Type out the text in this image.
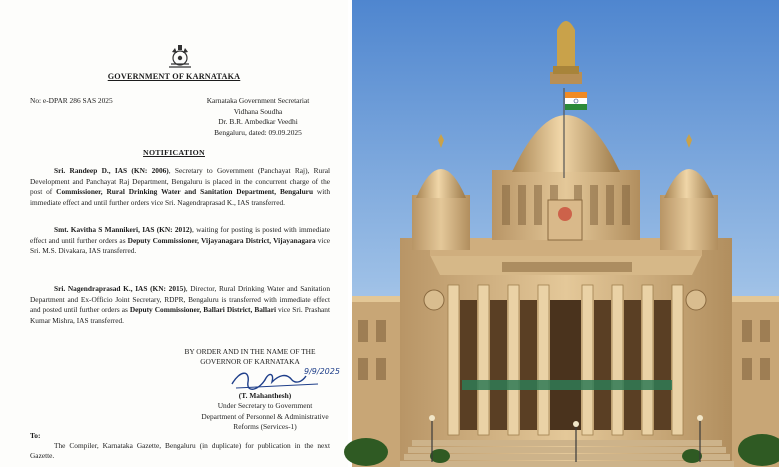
GOVERNMENT OF KARNATAKA
No: e-DPAR 286 SAS 2025	Karnataka Government Secretariat
Vidhana Soudha
Dr. B.R. Ambedkar Veedhi
Bengaluru, dated: 09.09.2025
NOTIFICATION
Sri. Randeep D., IAS (KN: 2006), Secretary to Government (Panchayat Raj), Rural Development and Panchayat Raj Department, Bengaluru is placed in the concurrent charge of the post of Commissioner, Rural Drinking Water and Sanitation Department, Bengaluru with immediate effect and until further orders vice Sri. Nagendraprasad K., IAS transferred.
Smt. Kavitha S Mannikeri, IAS (KN: 2012), waiting for posting is posted with immediate effect and until further orders as Deputy Commissioner, Vijayanagara District, Vijayanagara vice Sri. M.S. Divakara, IAS transferred.
Sri. Nagendraprasad K., IAS (KN: 2015), Director, Rural Drinking Water and Sanitation Department and Ex-Officio Joint Secretary, RDPR, Bengaluru is transferred with immediate effect and posted until further orders as Deputy Commissioner, Ballari District, Ballari vice Sri. Prashant Kumar Mishra, IAS transferred.
BY ORDER AND IN THE NAME OF THE
GOVERNOR OF KARNATAKA
9/9/2025
(T. Mahanthesh)
Under Secretary to Government
Department of Personnel & Administrative
Reforms (Services-1)
To:
The Compiler, Karnataka Gazette, Bengaluru (in duplicate) for publication in the next Gazette.
